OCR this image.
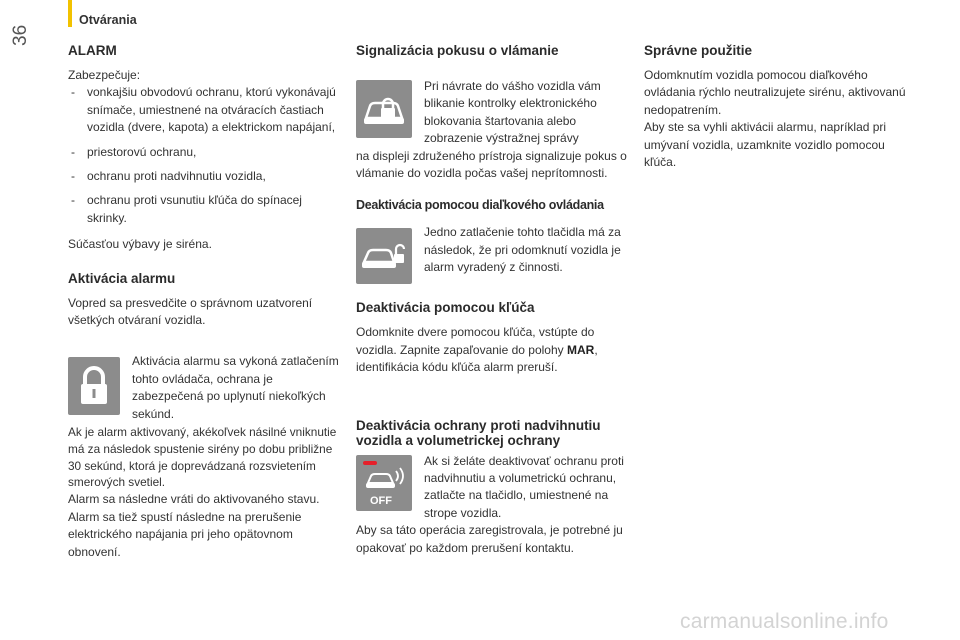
Otvárania
36
ALARM

Zabezpečuje:

- vonkajšiu obvodovú ochranu, ktorú vykonávajú snímače, umiestnené na otváracích častiach vozidla (dvere, kapota) a elektrickom napájaní,
- priestorovú ochranu,
- ochranu proti nadvihnutiu vozidla,
- ochranu proti vsunutiu kľúča do spínacej skrinky.

Súčasťou výbavy je siréna.

Aktivácia alarmu

Vopred sa presvedčite o správnom uzatvorení všetkých otváraní vozidla.

Aktivácia alarmu sa vykoná zatlačením tohto ovládača, ochrana je zabezpečená po uplynutí niekoľkých sekúnd.

Ak je alarm aktivovaný, akékoľvek násilné vniknutie má za následok spustenie sirény po dobu približne 30 sekúnd, ktorá je doprevádzaná rozsvietením smerových svetiel.

Alarm sa následne vráti do aktivovaného stavu.

Alarm sa tiež spustí následne na prerušenie elektrického napájania pri jeho opätovnom obnovení.

Signalizácia pokusu o vlámanie

Pri návrate do vášho vozidla vám blikanie kontrolky elektronického blokovania štartovania alebo zobrazenie výstražnej správy

na displeji združeného prístroja signalizuje pokus o vlámanie do vozidla počas vašej neprítomnosti.

Deaktivácia pomocou diaľkového ovládania

Jedno zatlačenie tohto tlačidla má za následok, že pri odomknutí vozidla je alarm vyradený z činnosti.

Deaktivácia pomocou kľúča

Odomknite dvere pomocou kľúča, vstúpte do vozidla. Zapnite zapaľovanie do polohy MAR, identifikácia kódu kľúča alarm preruší.

Deaktivácia ochrany proti nadvihnutiu vozidla a volumetrickej ochrany
OFF

Ak si želáte deaktivovať ochranu proti nadvihnutiu a volumetrickú ochranu, zatlačte na tlačidlo, umiestnené na strope vozidla.

Aby sa táto operácia zaregistrovala, je potrebné ju opakovať po každom prerušení kontaktu.

Správne použitie

Odomknutím vozidla pomocou diaľkového ovládania rýchlo neutralizujete sirénu, aktivovanú nedopatrením.

Aby ste sa vyhli aktivácii alarmu, napríklad pri umývaní vozidla, uzamknite vozidlo pomocou kľúča.

carmanualsonline.info
